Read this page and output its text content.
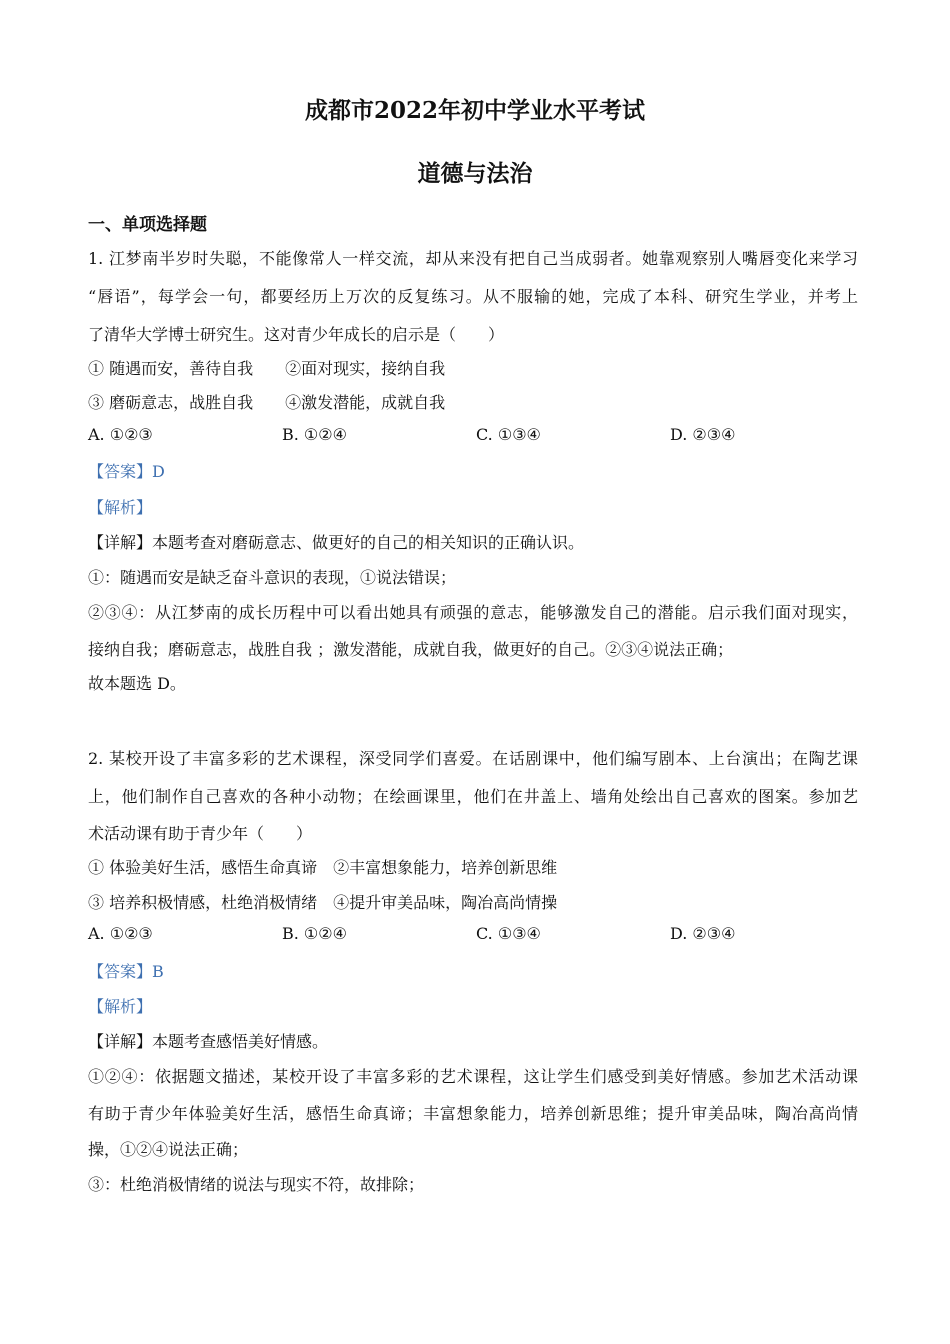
成都市2022年初中学业水平考试
道德与法治
一、单项选择题
1. 江梦南半岁时失聪，不能像常人一样交流，却从来没有把自己当成弱者。她靠观察别人嘴唇变化来学习
“唇语”，每学会一句，都要经历上万次的反复练习。从不服输的她，完成了本科、研究生学业，并考上
了清华大学博士研究生。这对青少年成长的启示是（　　）
① 随遇而安，善待自我　　②面对现实，接纳自我
③ 磨砺意志，战胜自我　　④激发潜能，成就自我
A. ①②③	B. ①②④	C. ①③④	D. ②③④
【答案】D
【解析】
【详解】本题考查对磨砺意志、做更好的自己的相关知识的正确认识。
①：随遇而安是缺乏奋斗意识的表现，①说法错误；
②③④：从江梦南的成长历程中可以看出她具有顽强的意志，能够激发自己的潜能。启示我们面对现实，
接纳自我；磨砺意志，战胜自我 ；激发潜能，成就自我，做更好的自己。②③④说法正确；
故本题选 D。
2. 某校开设了丰富多彩的艺术课程，深受同学们喜爱。在话剧课中，他们编写剧本、上台演出；在陶艺课
上，他们制作自己喜欢的各种小动物；在绘画课里，他们在井盖上、墙角处绘出自己喜欢的图案。参加艺
术活动课有助于青少年（　　）
① 体验美好生活，感悟生命真谛　②丰富想象能力，培养创新思维
③ 培养积极情感，杜绝消极情绪　④提升审美品味，陶冶高尚情操
A. ①②③	B. ①②④	C. ①③④	D. ②③④
【答案】B
【解析】
【详解】本题考查感悟美好情感。
①②④：依据题文描述，某校开设了丰富多彩的艺术课程，这让学生们感受到美好情感。参加艺术活动课
有助于青少年体验美好生活，感悟生命真谛；丰富想象能力，培养创新思维；提升审美品味，陶冶高尚情
操，①②④说法正确；
③：杜绝消极情绪的说法与现实不符，故排除；
